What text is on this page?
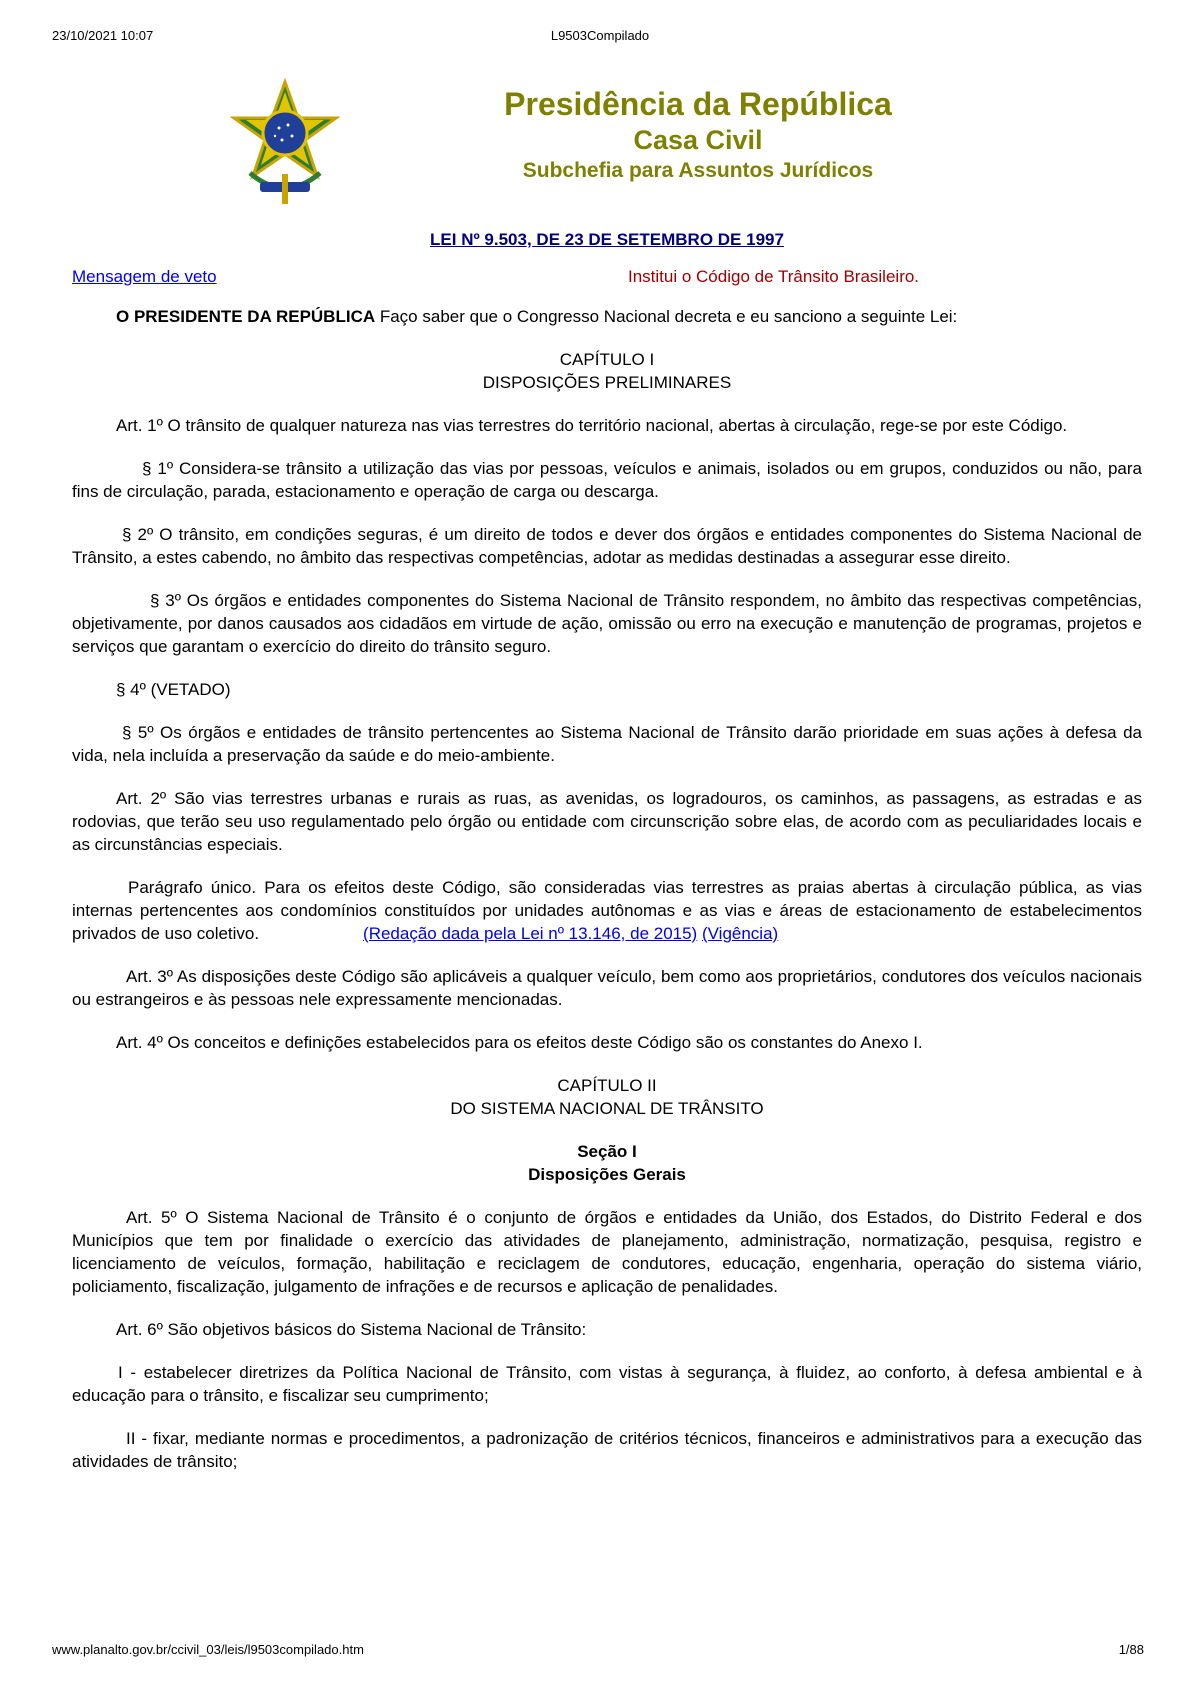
23/10/2021 10:07	L9503Compilado
Presidência da República
Casa Civil
Subchefia para Assuntos Jurídicos
LEI Nº 9.503, DE 23 DE SETEMBRO DE 1997
Mensagem de veto	Institui o Código de Trânsito Brasileiro.

O PRESIDENTE DA REPÚBLICA Faço saber que o Congresso Nacional decreta e eu sanciono a seguinte Lei:

CAPÍTULO I
DISPOSIÇÕES PRELIMINARES

Art. 1º O trânsito de qualquer natureza nas vias terrestres do território nacional, abertas à circulação, rege-se por este Código.

§ 1º Considera-se trânsito a utilização das vias por pessoas, veículos e animais, isolados ou em grupos, conduzidos ou não, para fins de circulação, parada, estacionamento e operação de carga ou descarga.

§ 2º O trânsito, em condições seguras, é um direito de todos e dever dos órgãos e entidades componentes do Sistema Nacional de Trânsito, a estes cabendo, no âmbito das respectivas competências, adotar as medidas destinadas a assegurar esse direito.

§ 3º Os órgãos e entidades componentes do Sistema Nacional de Trânsito respondem, no âmbito das respectivas competências, objetivamente, por danos causados aos cidadãos em virtude de ação, omissão ou erro na execução e manutenção de programas, projetos e serviços que garantam o exercício do direito do trânsito seguro.

§ 4º (VETADO)

§ 5º Os órgãos e entidades de trânsito pertencentes ao Sistema Nacional de Trânsito darão prioridade em suas ações à defesa da vida, nela incluída a preservação da saúde e do meio-ambiente.

Art. 2º São vias terrestres urbanas e rurais as ruas, as avenidas, os logradouros, os caminhos, as passagens, as estradas e as rodovias, que terão seu uso regulamentado pelo órgão ou entidade com circunscrição sobre elas, de acordo com as peculiaridades locais e as circunstâncias especiais.

Parágrafo único. Para os efeitos deste Código, são consideradas vias terrestres as praias abertas à circulação pública, as vias internas pertencentes aos condomínios constituídos por unidades autônomas e as vias e áreas de estacionamento de estabelecimentos privados de uso coletivo.	(Redação dada pela Lei nº 13.146, de 2015) (Vigência)

Art. 3º As disposições deste Código são aplicáveis a qualquer veículo, bem como aos proprietários, condutores dos veículos nacionais ou estrangeiros e às pessoas nele expressamente mencionadas.

Art. 4º Os conceitos e definições estabelecidos para os efeitos deste Código são os constantes do Anexo I.

CAPÍTULO II
DO SISTEMA NACIONAL DE TRÂNSITO

Seção I
Disposições Gerais

Art. 5º O Sistema Nacional de Trânsito é o conjunto de órgãos e entidades da União, dos Estados, do Distrito Federal e dos Municípios que tem por finalidade o exercício das atividades de planejamento, administração, normatização, pesquisa, registro e licenciamento de veículos, formação, habilitação e reciclagem de condutores, educação, engenharia, operação do sistema viário, policiamento, fiscalização, julgamento de infrações e de recursos e aplicação de penalidades.

Art. 6º São objetivos básicos do Sistema Nacional de Trânsito:

I - estabelecer diretrizes da Política Nacional de Trânsito, com vistas à segurança, à fluidez, ao conforto, à defesa ambiental e à educação para o trânsito, e fiscalizar seu cumprimento;

II - fixar, mediante normas e procedimentos, a padronização de critérios técnicos, financeiros e administrativos para a execução das atividades de trânsito;

www.planalto.gov.br/ccivil_03/leis/l9503compilado.htm	1/88
